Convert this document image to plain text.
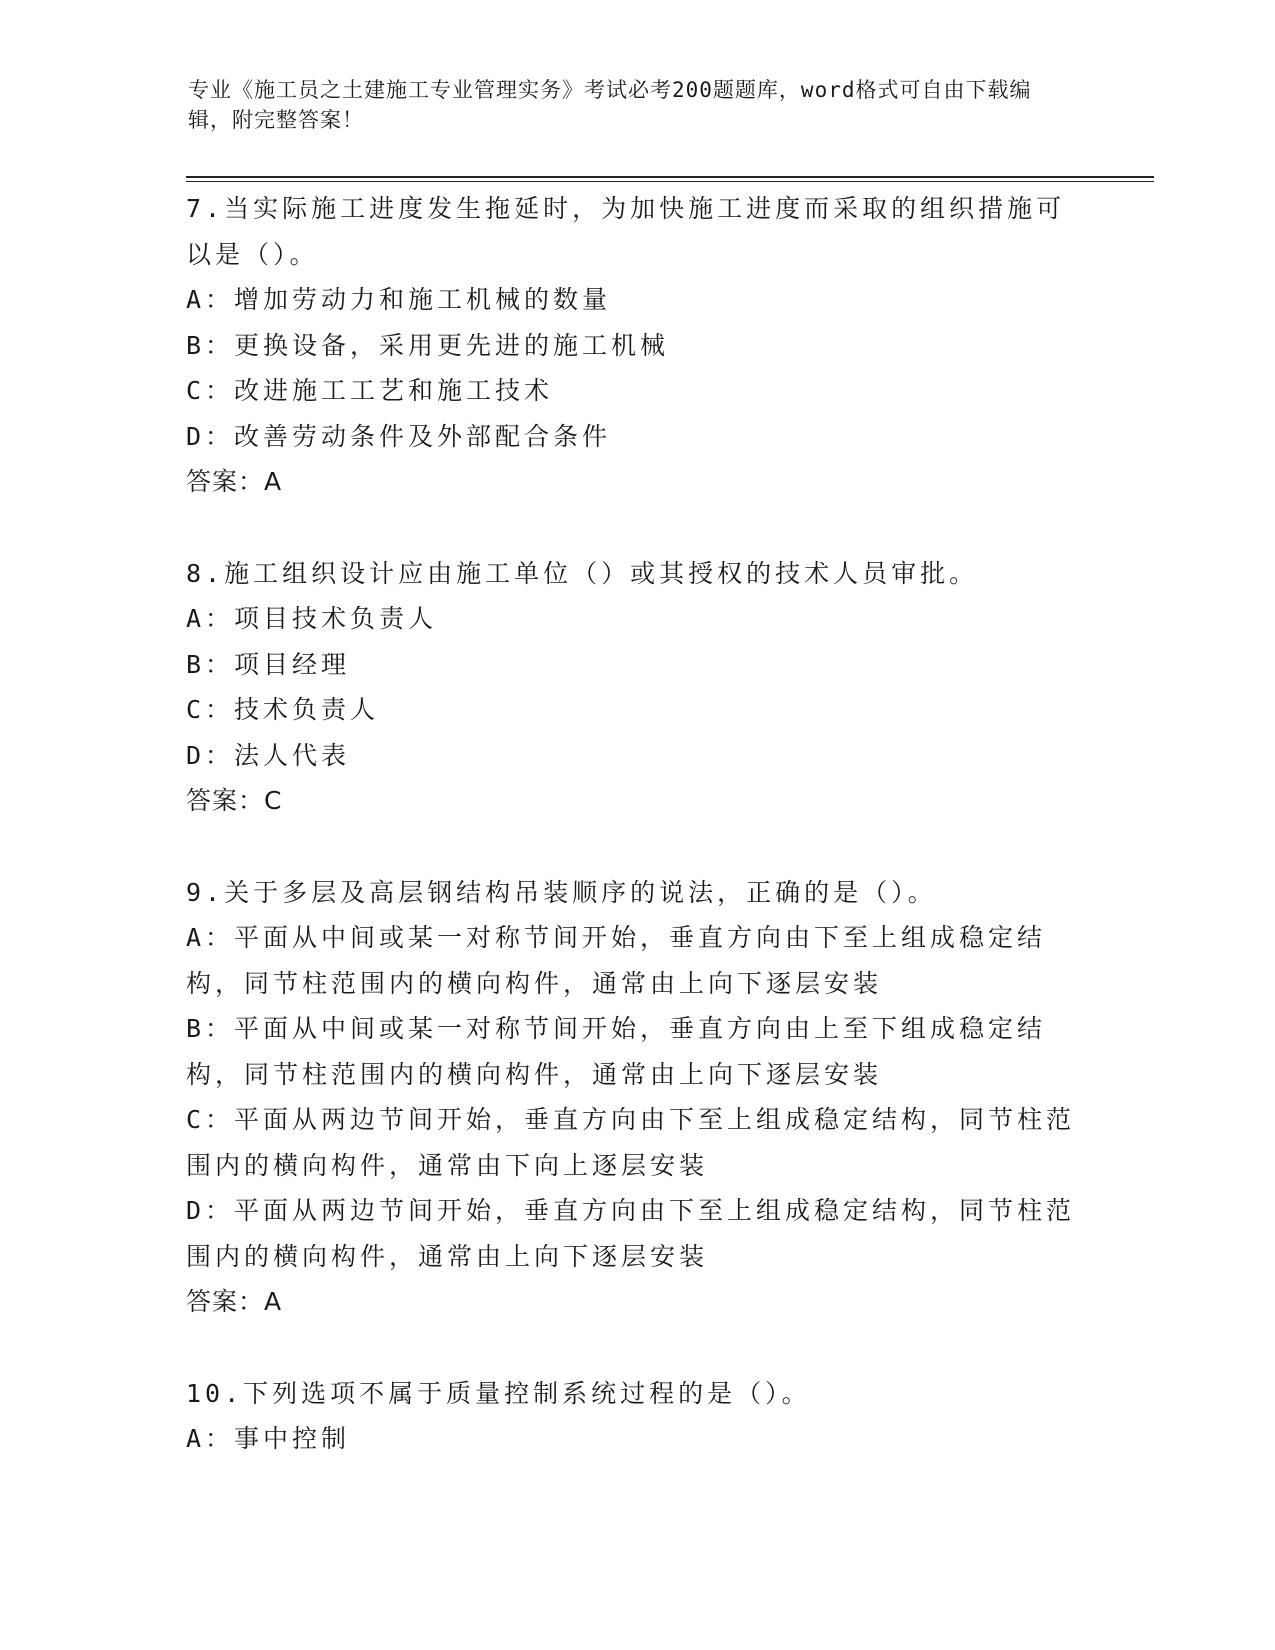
专业《施工员之土建施工专业管理实务》考试必考200题题库，word格式可自由下载编辑，附完整答案！
7.当实际施工进度发生拖延时，为加快施工进度而采取的组织措施可以是（）。
A：增加劳动力和施工机械的数量
B：更换设备，采用更先进的施工机械
C：改进施工工艺和施工技术
D：改善劳动条件及外部配合条件
答案：A
8.施工组织设计应由施工单位（）或其授权的技术人员审批。
A：项目技术负责人
B：项目经理
C：技术负责人
D：法人代表
答案：C
9.关于多层及高层钢结构吊装顺序的说法，正确的是（）。
A：平面从中间或某一对称节间开始，垂直方向由下至上组成稳定结构，同节柱范围内的横向构件，通常由上向下逐层安装
B：平面从中间或某一对称节间开始，垂直方向由上至下组成稳定结构，同节柱范围内的横向构件，通常由上向下逐层安装
C：平面从两边节间开始，垂直方向由下至上组成稳定结构，同节柱范围内的横向构件，通常由下向上逐层安装
D：平面从两边节间开始，垂直方向由下至上组成稳定结构，同节柱范围内的横向构件，通常由上向下逐层安装
答案：A
10.下列选项不属于质量控制系统过程的是（）。
A：事中控制
